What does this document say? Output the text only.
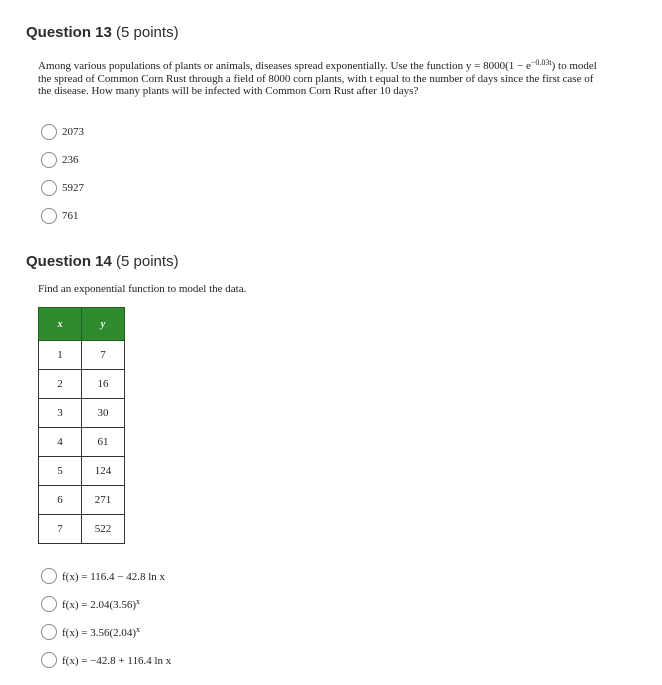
Question 13 (5 points)

Among various populations of plants or animals, diseases spread exponentially. Use the function $y = 8000(1 - e^{-0.03t})$ to model the spread of Common Corn Rust through a field of 8000 corn plants, with t equal to the number of days since the first case of the disease. How many plants will be infected with Common Corn Rust after 10 days?

2073
236
5927
761
Question 14 (5 points)

Find an exponential function to model the data.

x	y
1	7
2	16
3	30
4	61
5	124
6	271
7	522
f(x) = 116.4 − 42.8 ln x
$f(x) = 2.04(3.56)^x$
$f(x) = 3.56(2.04)^x$
f(x) = −42.8 + 116.4 ln x
